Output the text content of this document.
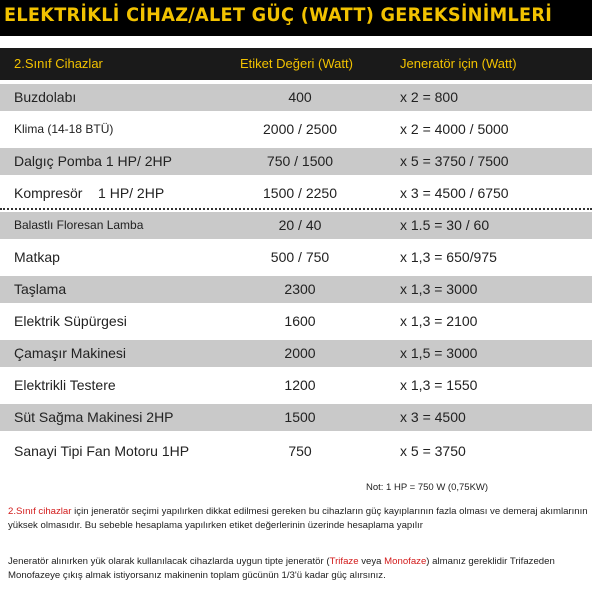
ELEKTRİKLİ CİHAZ/ALET GÜÇ (WATT) GEREKSİNİMLERİ
2.Sınıf Cihazlar	Etiket Değeri (Watt)	Jeneratör için (Watt)
Buzdolabı	400	x 2 = 800
Klima (14-18 BTÜ)	2000 / 2500	x 2 = 4000 / 5000
Dalgıç Pomba 1 HP/ 2HP	750 / 1500	x 5 = 3750 / 7500
Kompresör    1 HP/ 2HP	1500 / 2250	x 3 = 4500 / 6750
Balastlı Floresan Lamba	20 / 40	x 1.5 = 30 / 60
Matkap	500 / 750	x 1,3 = 650/975
Taşlama	2300	x 1,3 = 3000
Elektrik Süpürgesi	1600	x 1,3 = 2100
Çamaşır Makinesi	2000	x 1,5 = 3000
Elektrikli Testere	1200	x 1,3 = 1550
Süt Sağma Makinesi 2HP	1500	x 3 = 4500
Sanayi Tipi Fan Motoru 1HP	750	x 5 = 3750
Not: 1 HP = 750 W (0,75KW)
2.Sınıf cihazlar için jeneratör seçimi yapılırken dikkat edilmesi gereken bu cihazların güç kayıplarının fazla olması ve demeraj akımlarının yüksek olmasıdır. Bu sebeble hesaplama yapılırken etiket değerlerinin üzerinde hesaplama yapılır
Jeneratör alınırken yük olarak kullanılacak cihazlarda uygun tipte jeneratör (Trifaze veya Monofaze) almanız gereklidir Trifazeden Monofazeye çıkış almak istiyorsanız makinenin toplam gücünün 1/3'ü kadar güç alırsınız.
